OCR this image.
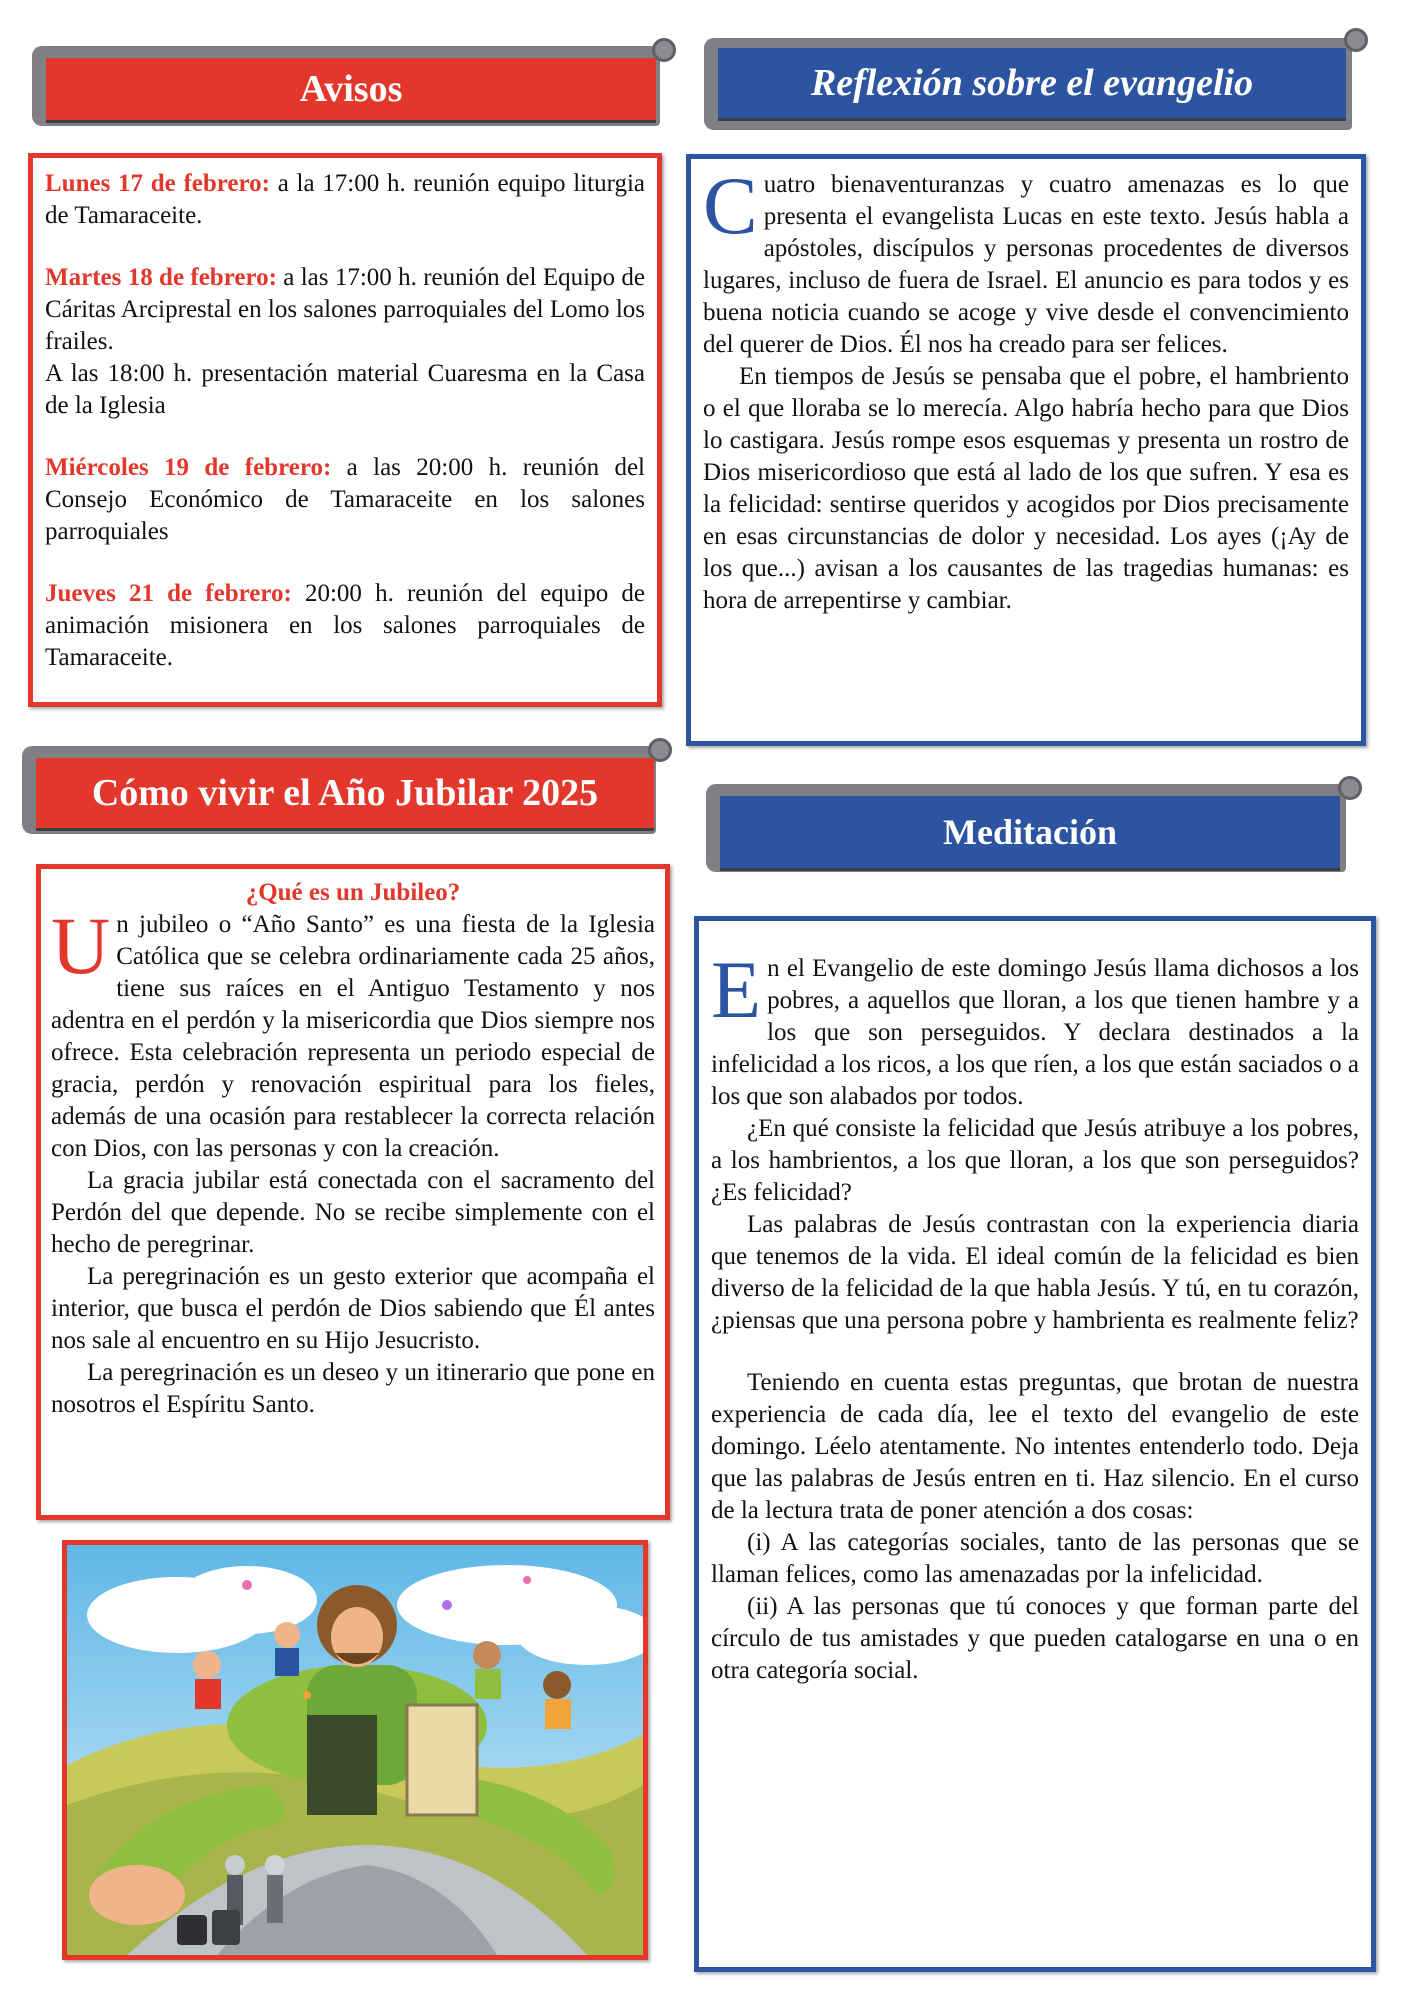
Avisos

Lunes 17 de febrero: a la 17:00 h. reunión equipo liturgia de Tamaraceite.

Martes 18 de febrero: a las 17:00 h. reunión del Equipo de Cáritas Arciprestal en los salones parroquiales del Lomo los frailes.

A las 18:00 h. presentación material Cuaresma en la Casa de la Iglesia

Miércoles 19 de febrero: a las 20:00 h. reunión del Consejo Económico de Tamaraceite en los salones parroquiales

Jueves 21 de febrero: 20:00 h. reunión del equipo de animación misionera en los salones parroquiales de Tamaraceite.

Reflexión sobre el evangelio

Cuatro bienaventuranzas y cuatro amenazas es lo que presenta el evangelista Lucas en este texto. Jesús habla a apóstoles, discípulos y personas procedentes de diversos lugares, incluso de fuera de Israel. El anuncio es para todos y es buena noticia cuando se acoge y vive desde el convencimiento del querer de Dios. Él nos ha creado para ser felices.

En tiempos de Jesús se pensaba que el pobre, el hambriento o el que lloraba se lo merecía. Algo habría hecho para que Dios lo castigara. Jesús rompe esos esquemas y presenta un rostro de Dios misericordioso que está al lado de los que sufren. Y esa es la felicidad: sentirse queridos y acogidos por Dios precisamente en esas circunstancias de dolor y necesidad. Los ayes (¡Ay de los que...) avisan a los causantes de las tragedias humanas: es hora de arrepentirse y cambiar.

Cómo vivir el Año Jubilar 2025

¿Qué es un Jubileo?

Un jubileo o “Año Santo” es una fiesta de la Iglesia Católica que se celebra ordinariamente cada 25 años, tiene sus raíces en el Antiguo Testamento y nos adentra en el perdón y la misericordia que Dios siempre nos ofrece. Esta celebración representa un periodo especial de gracia, perdón y renovación espiritual para los fieles, además de una ocasión para restablecer la correcta relación con Dios, con las personas y con la creación.

La gracia jubilar está conectada con el sacramento del Perdón del que depende. No se recibe simplemente con el hecho de peregrinar.

La peregrinación es un gesto exterior que acompaña el interior, que busca el perdón de Dios sabiendo que Él antes nos sale al encuentro en su Hijo Jesucristo.

La peregrinación es un deseo y un itinerario que pone en nosotros el Espíritu Santo.

Meditación

En el Evangelio de este domingo Jesús llama dichosos a los pobres, a aquellos que lloran, a los que tienen hambre y a los que son perseguidos. Y declara destinados a la infelicidad a los ricos, a los que ríen, a los que están saciados o a los que son alabados por todos.

¿En qué consiste la felicidad que Jesús atribuye a los pobres, a los hambrientos, a los que lloran, a los que son perseguidos? ¿Es felicidad?

Las palabras de Jesús contrastan con la experiencia diaria que tenemos de la vida. El ideal común de la felicidad es bien diverso de la felicidad de la que habla Jesús. Y tú, en tu corazón, ¿piensas que una persona pobre y hambrienta es realmente feliz?

Teniendo en cuenta estas preguntas, que brotan de nuestra experiencia de cada día, lee el texto del evangelio de este domingo. Léelo atentamente. No intentes entenderlo todo. Deja que las palabras de Jesús entren en ti. Haz silencio. En el curso de la lectura trata de poner atención a dos cosas:

(i) A las categorías sociales, tanto de las personas que se llaman felices, como las amenazadas por la infelicidad.

(ii) A las personas que tú conoces y que forman parte del círculo de tus amistades y que pueden catalogarse en una o en otra categoría social.
